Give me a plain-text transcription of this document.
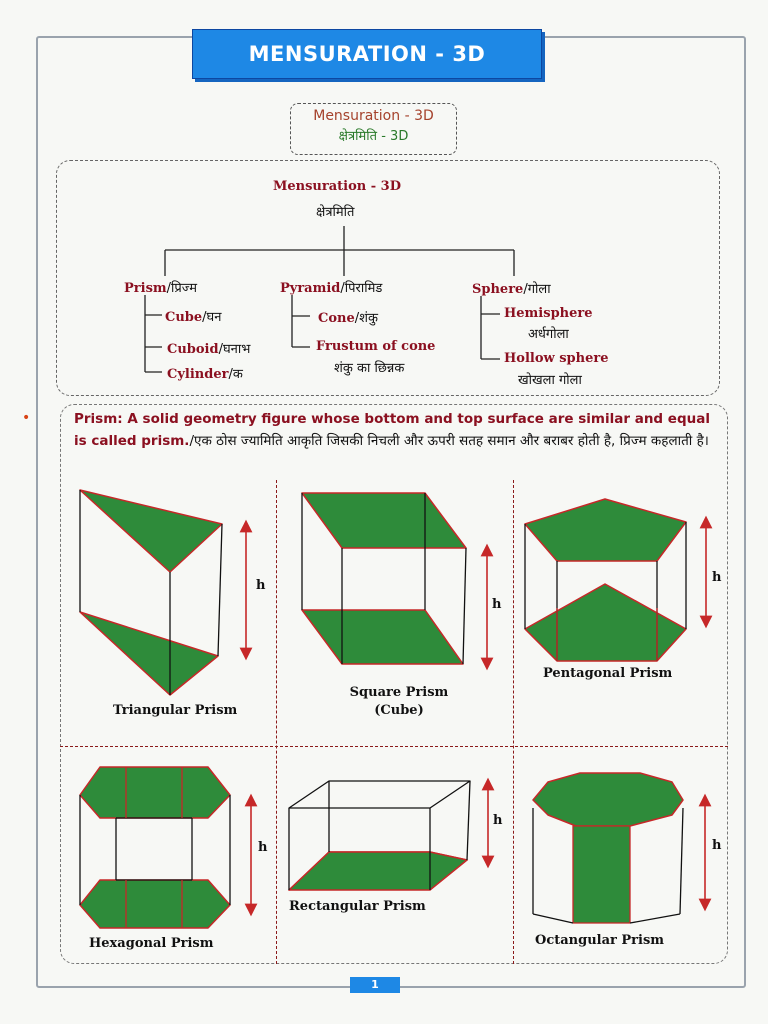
MENSURATION - 3D
Mensuration - 3D
क्षेत्रमिति - 3D
Mensuration - 3D
क्षेत्रमिति
Prism/प्रिज्म
Cube/घन
Cuboid/घनाभ
Cylinder/क
Pyramid/पिरामिड
Cone/शंकु
Frustum of cone
शंकु का छिन्नक
Sphere/गोला
Hemisphere
अर्धगोला
Hollow sphere
खोखला गोला
•	Prism: A solid geometry figure whose bottom and top surface are similar and equal is called prism./एक ठोस ज्यामिति आकृति जिसकी निचली और ऊपरी सतह समान और बराबर होती है, प्रिज्म कहलाती है।
h
h
h
h
h
h
Triangular Prism
Square Prism
(Cube)
Pentagonal Prism
Hexagonal Prism
Rectangular Prism
Octangular Prism
1
